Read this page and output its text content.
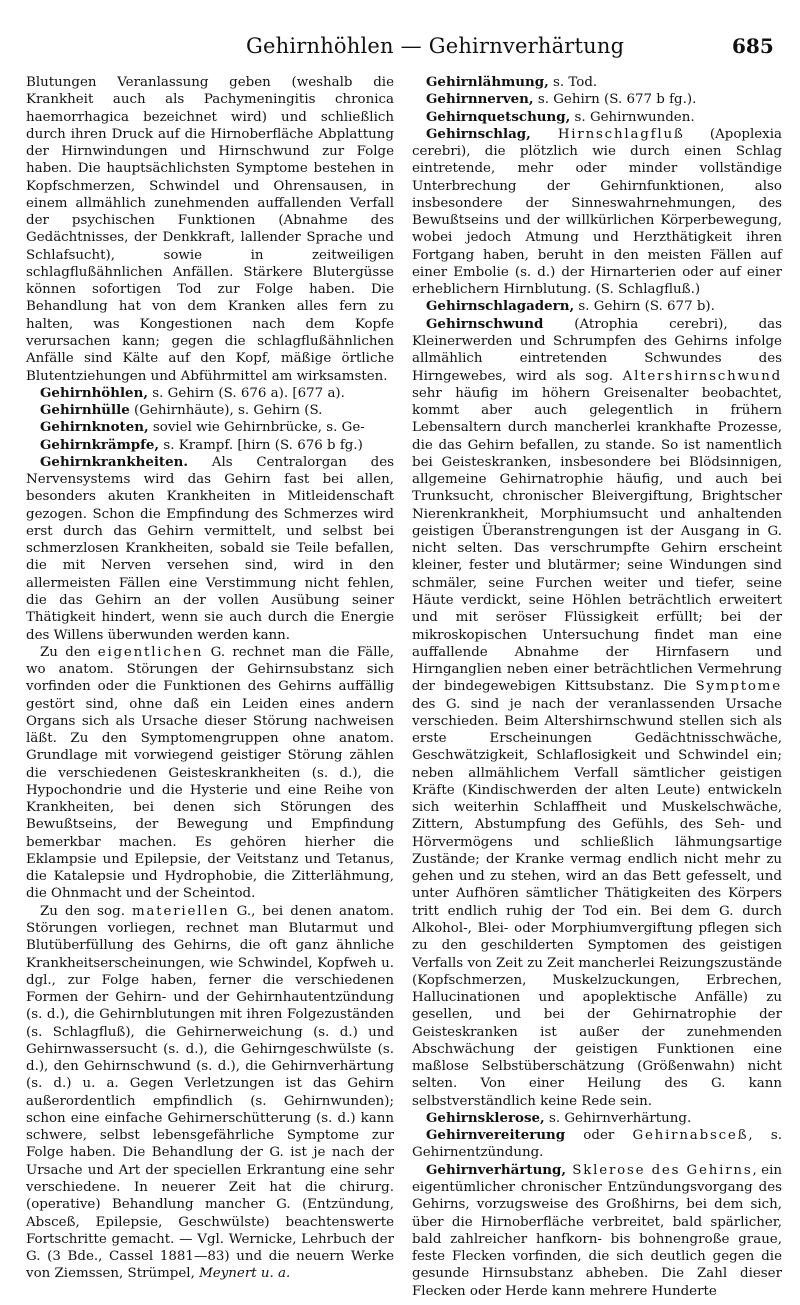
Gehirnhöhlen — Gehirnverhärtung	685

Blutungen Veranlassung geben (weshalb die Krankheit auch als Pachymeningitis chronica haemorrhagica bezeichnet wird) und schließlich durch ihren Druck auf die Hirnoberfläche Abplattung der Hirnwindungen und Hirnschwund zur Folge haben. Die hauptsächlichsten Symptome bestehen in Kopfschmerzen, Schwindel und Ohrensausen, in einem allmählich zunehmenden auffallenden Verfall der psychischen Funktionen (Abnahme des Gedächtnisses, der Denkkraft, lallender Sprache und Schlafsucht), sowie in zeitweiligen schlagflußähnlichen Anfällen. Stärkere Blutergüsse können sofortigen Tod zur Folge haben. Die Behandlung hat von dem Kranken alles fern zu halten, was Kongestionen nach dem Kopfe verursachen kann; gegen die schlagflußähnlichen Anfälle sind Kälte auf den Kopf, mäßige örtliche Blutentziehungen und Abführmittel am wirksamsten.

Gehirnhöhlen, s. Gehirn (S. 676 a). [677 a).

Gehirnhülle (Gehirnhäute), s. Gehirn (S.

Gehirnknoten, soviel wie Gehirnbrücke, s. Ge-

Gehirnkrämpfe, s. Krampf. [hirn (S. 676 b fg.)

Gehirnkrankheiten. Als Centralorgan des Nervensystems wird das Gehirn fast bei allen, besonders akuten Krankheiten in Mitleidenschaft gezogen. Schon die Empfindung des Schmerzes wird erst durch das Gehirn vermittelt, und selbst bei schmerzlosen Krankheiten, sobald sie Teile befallen, die mit Nerven versehen sind, wird in den allermeisten Fällen eine Verstimmung nicht fehlen, die das Gehirn an der vollen Ausübung seiner Thätigkeit hindert, wenn sie auch durch die Energie des Willens überwunden werden kann.

Zu den eigentlichen G. rechnet man die Fälle, wo anatom. Störungen der Gehirnsubstanz sich vorfinden oder die Funktionen des Gehirns auffällig gestört sind, ohne daß ein Leiden eines andern Organs sich als Ursache dieser Störung nachweisen läßt. Zu den Symptomengruppen ohne anatom. Grundlage mit vorwiegend geistiger Störung zählen die verschiedenen Geisteskrankheiten (s. d.), die Hypochondrie und die Hysterie und eine Reihe von Krankheiten, bei denen sich Störungen des Bewußtseins, der Bewegung und Empfindung bemerkbar machen. Es gehören hierher die Eklampsie und Epilepsie, der Veitstanz und Tetanus, die Katalepsie und Hydrophobie, die Zitterlähmung, die Ohnmacht und der Scheintod.

Zu den sog. materiellen G., bei denen anatom. Störungen vorliegen, rechnet man Blutarmut und Blutüberfüllung des Gehirns, die oft ganz ähnliche Krankheitserscheinungen, wie Schwindel, Kopfweh u. dgl., zur Folge haben, ferner die verschiedenen Formen der Gehirn- und der Gehirnhautentzündung (s. d.), die Gehirnblutungen mit ihren Folgezuständen (s. Schlagfluß), die Gehirnerweichung (s. d.) und Gehirnwassersucht (s. d.), die Gehirngeschwülste (s. d.), den Gehirnschwund (s. d.), die Gehirnverhärtung (s. d.) u. a. Gegen Verletzungen ist das Gehirn außerordentlich empfindlich (s. Gehirnwunden); schon eine einfache Gehirnerschütterung (s. d.) kann schwere, selbst lebensgefährliche Symptome zur Folge haben. Die Behandlung der G. ist je nach der Ursache und Art der speciellen Erkrantung eine sehr verschiedene. In neuerer Zeit hat die chirurg. (operative) Behandlung mancher G. (Entzündung, Absceß, Epilepsie, Geschwülste) beachtenswerte Fortschritte gemacht. — Vgl. Wernicke, Lehrbuch der G. (3 Bde., Cassel 1881—83) und die neuern Werke von Ziemssen, Strümpel, Meynert u. a.

Gehirnlähmung, s. Tod.

Gehirnnerven, s. Gehirn (S. 677 b fg.).

Gehirnquetschung, s. Gehirnwunden.

Gehirnschlag, Hirnschlagfluß (Apoplexia cerebri), die plötzlich wie durch einen Schlag eintretende, mehr oder minder vollständige Unterbrechung der Gehirnfunktionen, also insbesondere der Sinneswahrnehmungen, des Bewußtseins und der willkürlichen Körperbewegung, wobei jedoch Atmung und Herzthätigkeit ihren Fortgang haben, beruht in den meisten Fällen auf einer Embolie (s. d.) der Hirnarterien oder auf einer erheblichern Hirnblutung. (S. Schlagfluß.)

Gehirnschlagadern, s. Gehirn (S. 677 b).

Gehirnschwund (Atrophia cerebri), das Kleinerwerden und Schrumpfen des Gehirns infolge allmählich eintretenden Schwundes des Hirngewebes, wird als sog. Altershirnschwund sehr häufig im höhern Greisenalter beobachtet, kommt aber auch gelegentlich in frühern Lebensaltern durch mancherlei krankhafte Prozesse, die das Gehirn befallen, zu stande. So ist namentlich bei Geisteskranken, insbesondere bei Blödsinnigen, allgemeine Gehirnatrophie häufig, und auch bei Trunksucht, chronischer Bleivergiftung, Brightscher Nierenkrankheit, Morphiumsucht und anhaltenden geistigen Überanstrengungen ist der Ausgang in G. nicht selten. Das verschrumpfte Gehirn erscheint kleiner, fester und blutärmer; seine Windungen sind schmäler, seine Furchen weiter und tiefer, seine Häute verdickt, seine Höhlen beträchtlich erweitert und mit seröser Flüssigkeit erfüllt; bei der mikroskopischen Untersuchung findet man eine auffallende Abnahme der Hirnfasern und Hirnganglien neben einer beträchtlichen Vermehrung der bindegewebigen Kittsubstanz. Die Symptome des G. sind je nach der veranlassenden Ursache verschieden. Beim Altershirnschwund stellen sich als erste Erscheinungen Gedächtnisschwäche, Geschwätzigkeit, Schlaflosigkeit und Schwindel ein; neben allmählichem Verfall sämtlicher geistigen Kräfte (Kindischwerden der alten Leute) entwickeln sich weiterhin Schlaffheit und Muskelschwäche, Zittern, Abstumpfung des Gefühls, des Seh- und Hörvermögens und schließlich lähmungsartige Zustände; der Kranke vermag endlich nicht mehr zu gehen und zu stehen, wird an das Bett gefesselt, und unter Aufhören sämtlicher Thätigkeiten des Körpers tritt endlich ruhig der Tod ein. Bei dem G. durch Alkohol-, Blei- oder Morphiumvergiftung pflegen sich zu den geschilderten Symptomen des geistigen Verfalls von Zeit zu Zeit mancherlei Reizungszustände (Kopfschmerzen, Muskelzuckungen, Erbrechen, Hallucinationen und apoplektische Anfälle) zu gesellen, und bei der Gehirnatrophie der Geisteskranken ist außer der zunehmenden Abschwächung der geistigen Funktionen eine maßlose Selbstüberschätzung (Größenwahn) nicht selten. Von einer Heilung des G. kann selbstverständlich keine Rede sein.

Gehirnsklerose, s. Gehirnverhärtung.

Gehirnvereiterung oder Gehirnabsceß, s. Gehirnentzündung.

Gehirnverhärtung, Sklerose des Gehirns, ein eigentümlicher chronischer Entzündungsvorgang des Gehirns, vorzugsweise des Großhirns, bei dem sich, über die Hirnoberfläche verbreitet, bald spärlicher, bald zahlreicher hanfkorn- bis bohnengroße graue, feste Flecken vorfinden, die sich deutlich gegen die gesunde Hirnsubstanz abheben. Die Zahl dieser Flecken oder Herde kann mehrere Hunderte
